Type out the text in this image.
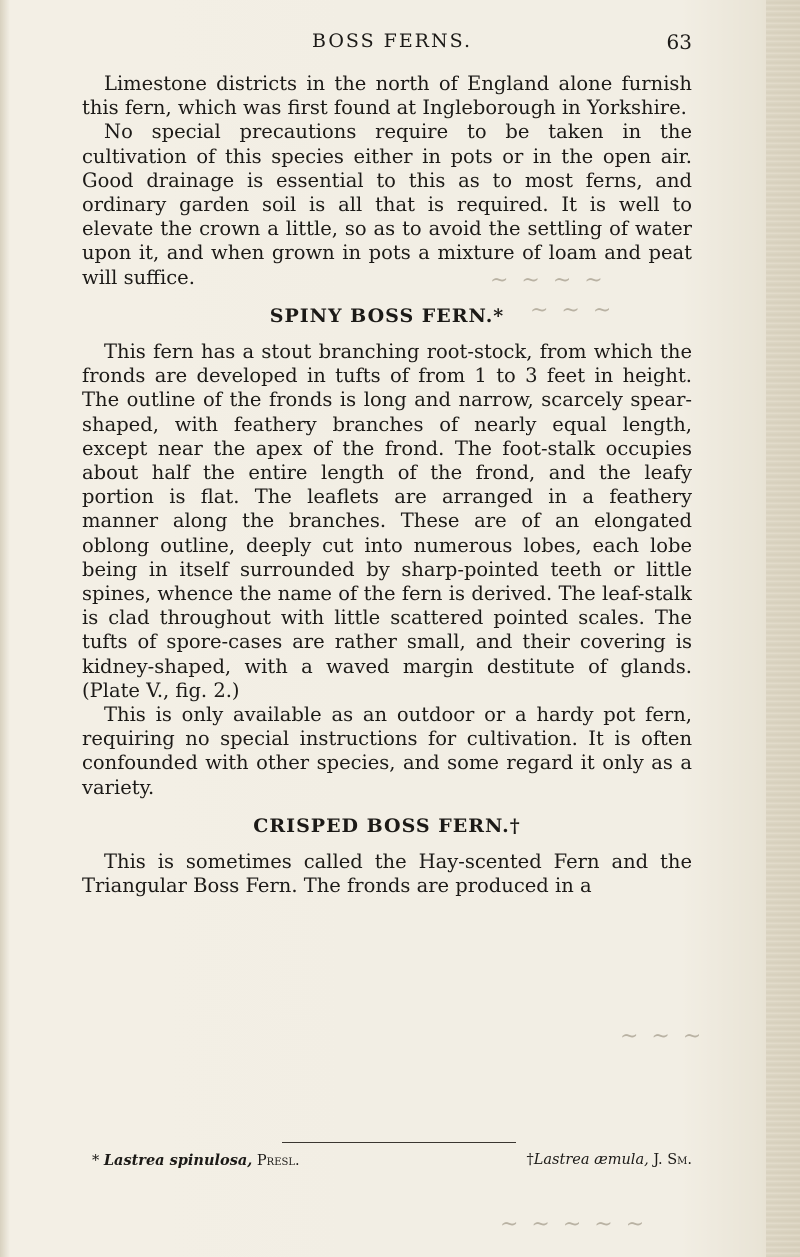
BOSS FERNS.	63

Limestone districts in the north of England alone furnish this fern, which was first found at Ingleborough in Yorkshire.

No special precautions require to be taken in the cultivation of this species either in pots or in the open air. Good drainage is essential to this as to most ferns, and ordinary garden soil is all that is required. It is well to elevate the crown a little, so as to avoid the settling of water upon it, and when grown in pots a mixture of loam and peat will suffice.

SPINY BOSS FERN.*

This fern has a stout branching root-stock, from which the fronds are developed in tufts of from 1 to 3 feet in height. The outline of the fronds is long and narrow, scarcely spear-shaped, with feathery branches of nearly equal length, except near the apex of the frond. The foot-stalk occupies about half the entire length of the frond, and the leafy portion is flat. The leaflets are arranged in a feathery manner along the branches. These are of an elongated oblong outline, deeply cut into numerous lobes, each lobe being in itself surrounded by sharp-pointed teeth or little spines, whence the name of the fern is derived. The leaf-stalk is clad throughout with little scattered pointed scales. The tufts of spore-cases are rather small, and their covering is kidney-shaped, with a waved margin destitute of glands. (Plate V., fig. 2.)

This is only available as an outdoor or a hardy pot fern, requiring no special instructions for cultivation. It is often confounded with other species, and some regard it only as a variety.

CRISPED BOSS FERN.†

This is sometimes called the Hay-scented Fern and the Triangular Boss Fern. The fronds are produced in a

~ ~ ~ ~
~ ~ ~
~ ~ ~
~ ~ ~ ~ ~
* Lastrea spinulosa, Presl.	†Lastrea æmula, J. Sm.
